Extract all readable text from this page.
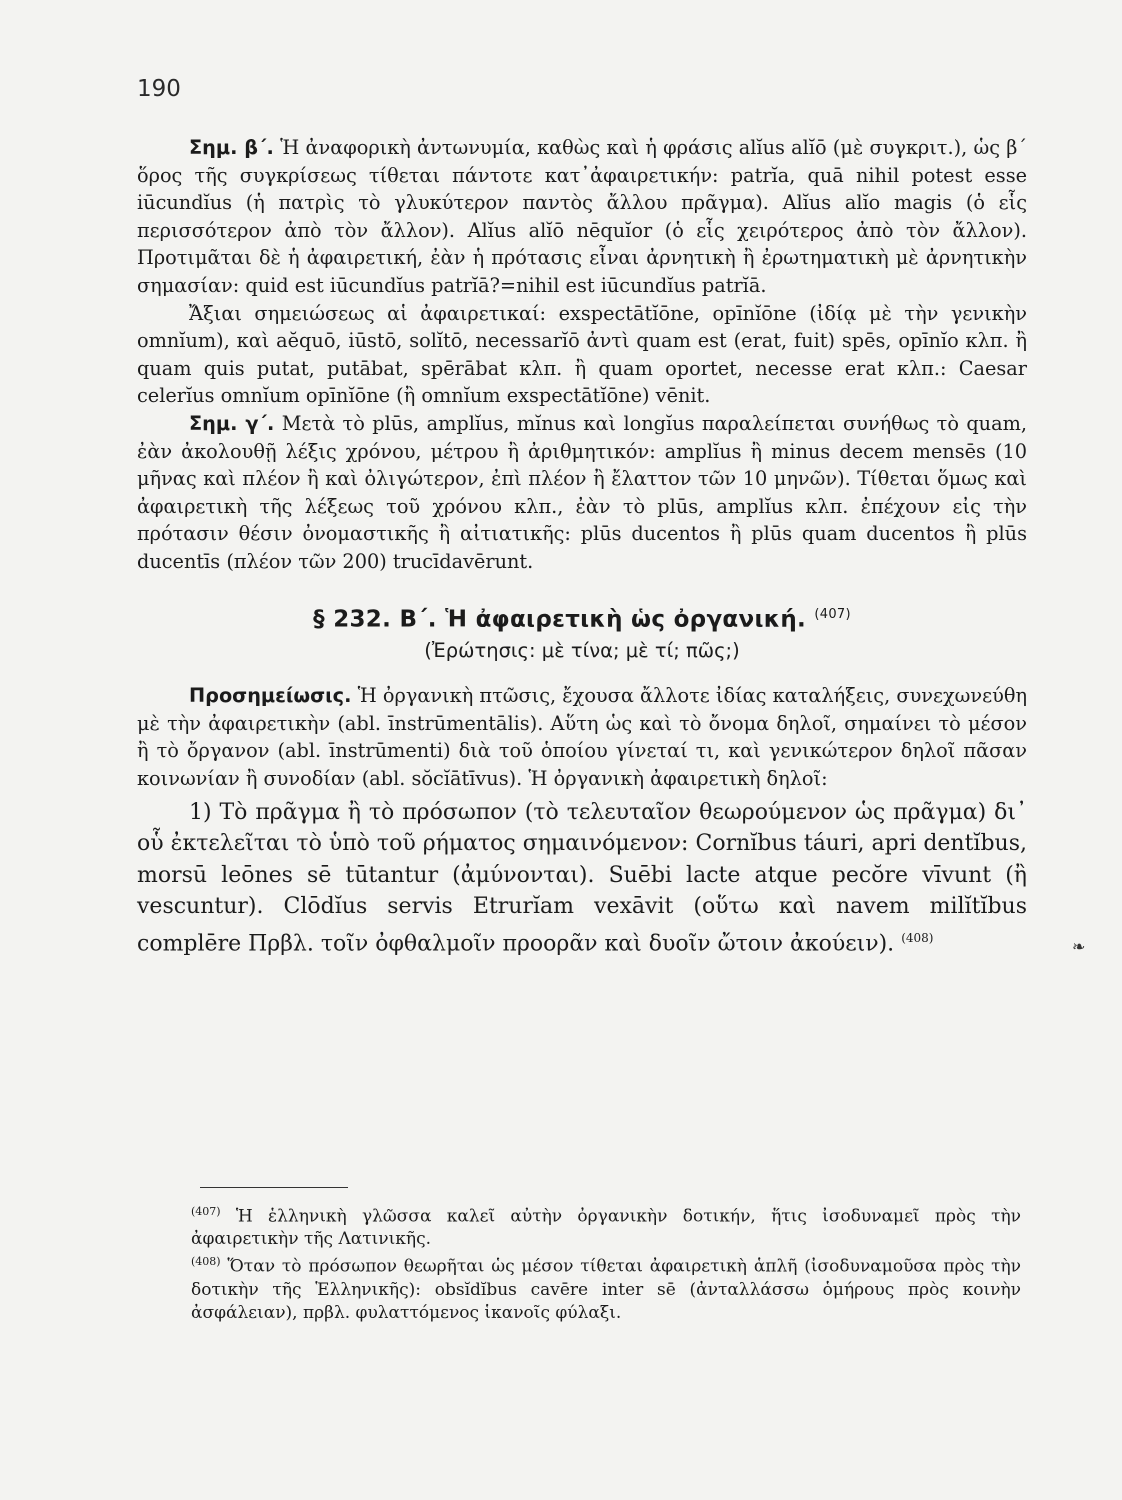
190

Σημ. β΄. Ἡ ἀναφορικὴ ἀντωνυμία, καθὼς καὶ ἡ φράσις alĭus alĭō (μὲ συγκριτ.), ὡς β΄ ὅρος τῆς συγκρίσεως τίθεται πάντοτε κατ᾽ἀφαιρετικήν: patrĭa, quā nihil potest esse iūcundĭus (ἡ πατρὶς τὸ γλυκύτερον παντὸς ἄλλου πρᾶγμα). Alĭus alĭo magis (ὁ εἷς περισσότερον ἀπὸ τὸν ἄλλον). Alĭus alĭō nēquĭor (ὁ εἷς χειρότερος ἀπὸ τὸν ἄλλον). Προτιμᾶται δὲ ἡ ἀφαιρετική, ἐὰν ἡ πρότασις εἶναι ἀρνητικὴ ἢ ἐρωτηματικὴ μὲ ἀρνητικὴν σημασίαν: quid est iūcundĭus patrĭā?=nihil est iūcundĭus patrĭā.

Ἄξιαι σημειώσεως αἱ ἀφαιρετικαί: exspectātĭōne, opīnĭōne (ἰδίᾳ μὲ τὴν γενικὴν omnĭum), καὶ aĕquō, iūstō, solĭtō, necessarĭō ἀντὶ quam est (erat, fuit) spēs, opīnĭo κλπ. ἢ quam quis putat, putābat, spērābat κλπ. ἢ quam oportet, necesse erat κλπ.: Caesar celerĭus omnĭum opīnĭōne (ἢ omnĭum exspectātĭōne) vēnit.

Σημ. γ΄. Μετὰ τὸ plūs, amplĭus, mĭnus καὶ longĭus παραλείπεται συνήθως τὸ quam, ἐὰν ἀκολουθῇ λέξις χρόνου, μέτρου ἢ ἀριθμητικόν: amplĭus ἢ minus decem mensēs (10 μῆνας καὶ πλέον ἢ καὶ ὀλιγώτερον, ἐπὶ πλέον ἢ ἔλαττον τῶν 10 μηνῶν). Τίθεται ὅμως καὶ ἀφαιρετικὴ τῆς λέξεως τοῦ χρόνου κλπ., ἐὰν τὸ plūs, amplĭus κλπ. ἐπέχουν εἰς τὴν πρότασιν θέσιν ὀνομαστικῆς ἢ αἰτιατικῆς: plūs ducentos ἢ plūs quam ducentos ἢ plūs ducentīs (πλέον τῶν 200) trucīdavērunt.

§ 232. Β΄. Ἡ ἀφαιρετικὴ ὡς ὀργανική. $^{(407)}$
(Ἐρώτησις: μὲ τίνα; μὲ τί; πῶς;)

Προσημείωσις. Ἡ ὀργανικὴ πτῶσις, ἔχουσα ἄλλοτε ἰδίας καταλήξεις, συνεχωνεύθη μὲ τὴν ἀφαιρετικὴν (abl. īnstrūmentālis). Αὕτη ὡς καὶ τὸ ὄνομα δηλοῖ, σημαίνει τὸ μέσον ἢ τὸ ὄργανον (abl. īnstrūmenti) διὰ τοῦ ὁποίου γίνεταί τι, καὶ γενικώτερον δηλοῖ πᾶσαν κοινωνίαν ἢ συνοδίαν (abl. sŏcĭātīvus). Ἡ ὀργανικὴ ἀφαιρετικὴ δηλοῖ:

1) Τὸ πρᾶγμα ἢ τὸ πρόσωπον (τὸ τελευταῖον θεωρούμενον ὡς πρᾶγμα) δι᾽ οὗ ἐκτελεῖται τὸ ὑπὸ τοῦ ρήματος σημαινόμενον: Cornĭbus táuri, apri dentĭbus, morsū leōnes sē tūtantur (ἀμύνονται). Suēbi lacte atque pecŏre vīvunt (ἢ vescuntur). Clōdĭus servis Etrurĭam vexāvit (οὕτω καὶ navem milĭtĭbus complēre Πρβλ. τοῖν ὀφθαλμοῖν προορᾶν καὶ δυοῖν ὤτοιν ἀκούειν). $^{(408)}$

$^{(407)}$ Ἡ ἑλληνικὴ γλῶσσα καλεῖ αὐτὴν ὀργανικὴν δοτικήν, ἥτις ἰσοδυναμεῖ πρὸς τὴν ἀφαιρετικὴν τῆς Λατινικῆς.

$^{(408)}$ Ὅταν τὸ πρόσωπον θεωρῆται ὡς μέσον τίθεται ἀφαιρετικὴ ἁπλῆ (ἰσοδυναμοῦσα πρὸς τὴν δοτικὴν τῆς Ἑλληνικῆς): obsĭdĭbus cavēre inter sē (ἀνταλλάσσω ὁμήρους πρὸς κοινὴν ἀσφάλειαν), πρβλ. φυλαττόμενος ἱκανοῖς φύλαξι.

❧
